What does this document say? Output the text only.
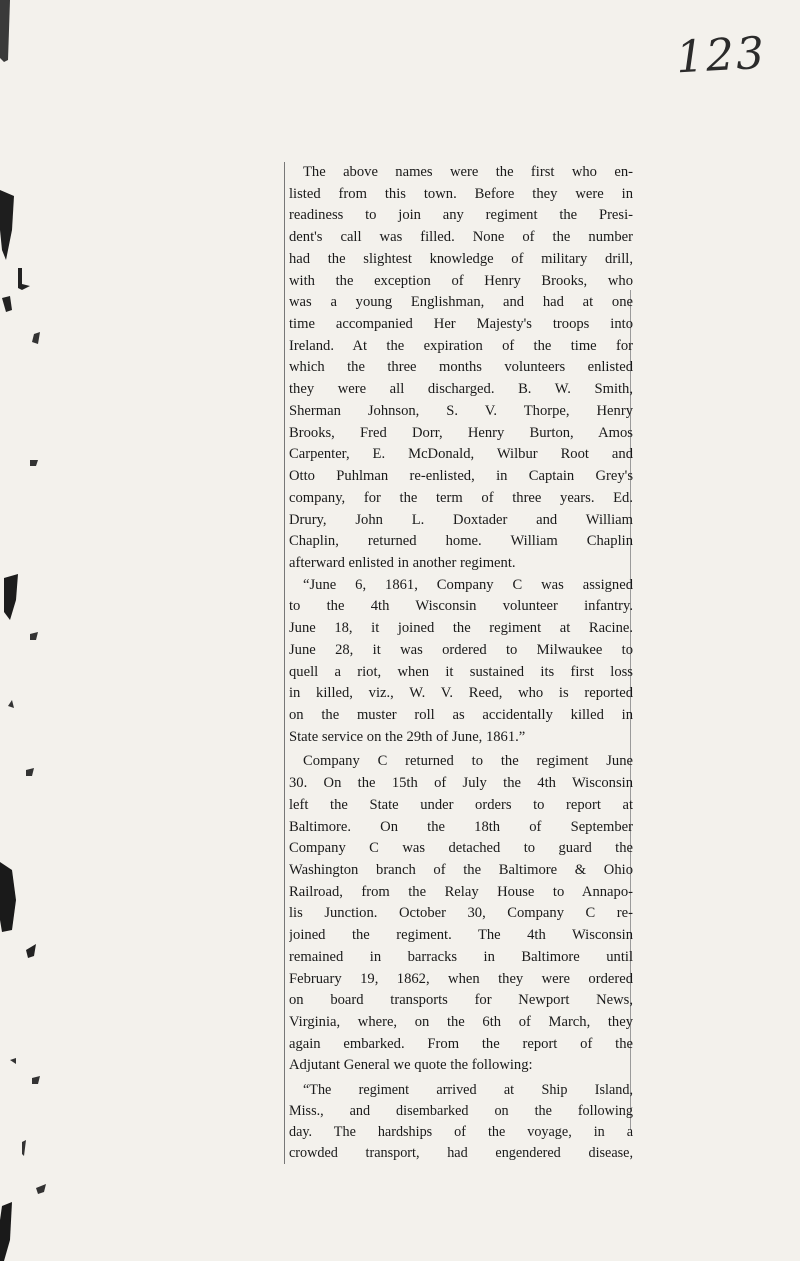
123
The above names were the first who en-
listed from this town. Before they were in
readiness to join any regiment the Presi-
dent's call was filled. None of the number
had the slightest knowledge of military drill,
with the exception of Henry Brooks, who
was a young Englishman, and had at one
time accompanied Her Majesty's troops into
Ireland. At the expiration of the time for
which the three months volunteers enlisted
they were all discharged. B. W. Smith,
Sherman Johnson, S. V. Thorpe, Henry
Brooks, Fred Dorr, Henry Burton, Amos
Carpenter, E. McDonald, Wilbur Root and
Otto Puhlman re-enlisted, in Captain Grey's
company, for the term of three years. Ed.
Drury, John L. Doxtader and William
Chaplin, returned home. William Chaplin
afterward enlisted in another regiment.
“June 6, 1861, Company C was assigned
to the 4th Wisconsin volunteer infantry.
June 18, it joined the regiment at Racine.
June 28, it was ordered to Milwaukee to
quell a riot, when it sustained its first loss
in killed, viz., W. V. Reed, who is reported
on the muster roll as accidentally killed in
State service on the 29th of June, 1861.”
Company C returned to the regiment June
30. On the 15th of July the 4th Wisconsin
left the State under orders to report at
Baltimore. On the 18th of September
Company C was detached to guard the
Washington branch of the Baltimore & Ohio
Railroad, from the Relay House to Annapo-
lis Junction. October 30, Company C re-
joined the regiment. The 4th Wisconsin
remained in barracks in Baltimore until
February 19, 1862, when they were ordered
on board transports for Newport News,
Virginia, where, on the 6th of March, they
again embarked. From the report of the
Adjutant General we quote the following:
“The regiment arrived at Ship Island,
Miss., and disembarked on the following
day. The hardships of the voyage, in a
crowded transport, had engendered disease,
